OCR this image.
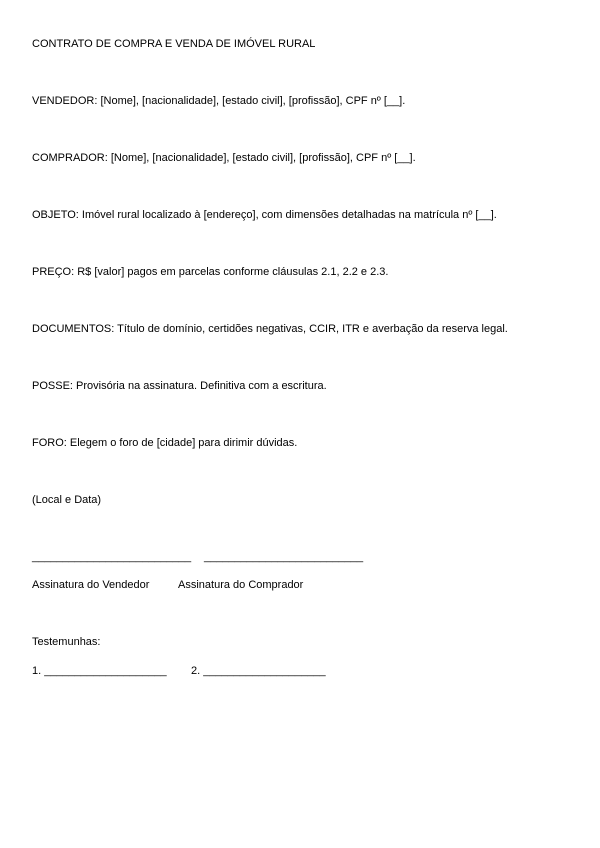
CONTRATO DE COMPRA E VENDA DE IMÓVEL RURAL
VENDEDOR: [Nome], [nacionalidade], [estado civil], [profissão], CPF nº [__].
COMPRADOR: [Nome], [nacionalidade], [estado civil], [profissão], CPF nº [__].
OBJETO: Imóvel rural localizado à [endereço], com dimensões detalhadas na matrícula nº [__].
PREÇO: R$ [valor] pagos em parcelas conforme cláusulas 2.1, 2.2 e 2.3.
DOCUMENTOS: Título de domínio, certidões negativas, CCIR, ITR e averbação da reserva legal.
POSSE: Provisória na assinatura. Definitiva com a escritura.
FORO: Elegem o foro de [cidade] para dirimir dúvidas.
(Local e Data)
__________________________ __________________________
Assinatura do Vendedor	Assinatura do Comprador
Testemunhas:
1. ____________________ 2. ____________________
